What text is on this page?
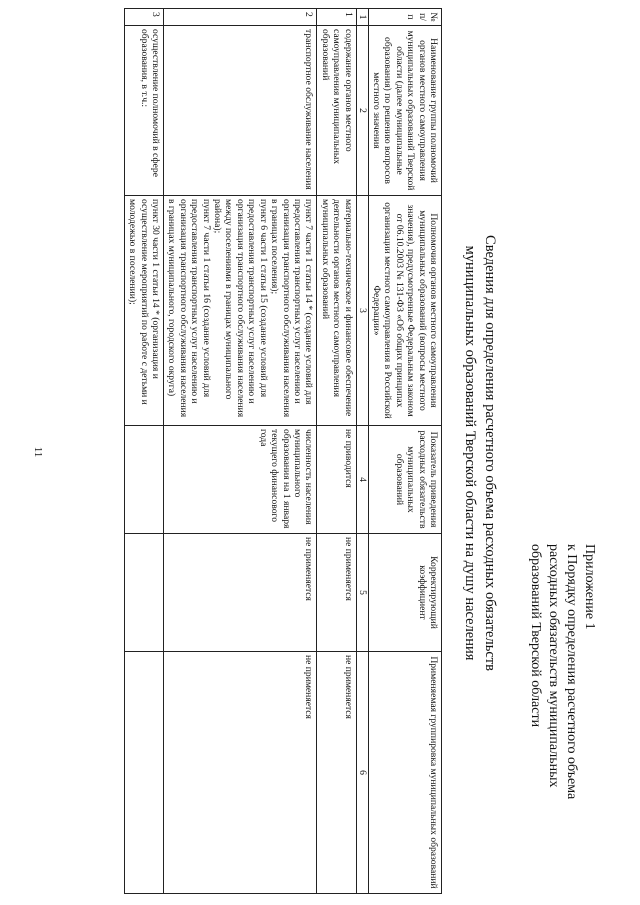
11
Приложение 1
к Порядку определения расчетного объема
расходных обязательств муниципальных
образований Тверской области
Сведения для определения расчетного объема расходных обязательств
муниципальных образований Тверской области на душу населения
№ п/п	Наименование группы полномочий органов местного самоуправления муниципальных образований Тверской области (далее муниципальные образования) по решению вопросов местного значения	Полномочия органов местного самоуправления муниципальных образований (вопросы местного значения), предусмотренные Федеральным законом от 06.10.2003 № 131-ФЗ «Об общих принципах организации местного самоуправления в Российской Федерации»	Показатель приведения расходных обязательств муниципальных образований	Корректирующий коэффициент	Применяемая группировка муниципальных образований
1	2	3	4	5	6
1	содержание органов местного самоуправления муниципальных образований	материально-техническое и финансовое обеспечение деятельности органов местного самоуправления муниципальных образований	не приводится	не применяется	не применяется
2	транспортное обслуживание населения	пункт 7 части 1 статьи 14 * (создание условий для предоставления транспортных услуг населению и организация транспортного обслуживания населения в границах поселения);
пункт 6 части 1 статьи 15 (создание условий для предоставления транспортных услуг населению и организация транспортного обслуживания населения между поселениями в границах муниципального района);
пункт 7 части 1 статьи 16 (создание условий для предоставления транспортных услуг населению и организация транспортного обслуживания населения в границах муниципального, городского округа)	численность населения муниципального образования на 1 января текущего финансового года	не применяется	не применяется
3	осуществление полномочий в сфере образования, в т.ч.:	пункт 30 части 1 статьи 14 * (организация и осуществление мероприятий по работе с детьми и молодежью в поселении);			
